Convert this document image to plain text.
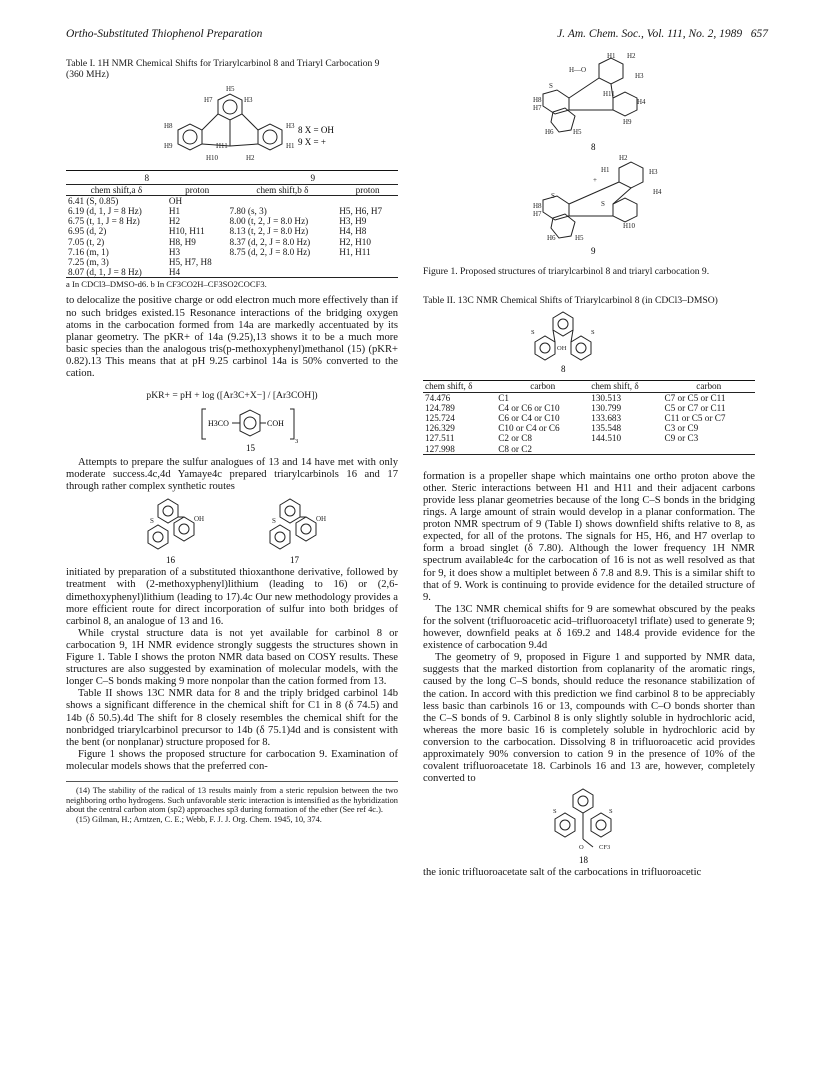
Ortho-Substituted Thiophenol Preparation	J. Am. Chem. Soc., Vol. 111, No. 2, 1989 657
Table I. 1H NMR Chemical Shifts for Triarylcarbinol 8 and Triaryl Carbocation 9 (360 MHz)
H5
H7	H3
H8
H9
H3
H1
H10	H2
H11
8 X = OH
9 X = +
8		9	
chem shift,a δ	proton	chem shift,b δ	proton
6.41 (S, 0.85)	OH		
6.19 (d, 1, J = 8 Hz)	H1	7.80 (s, 3)	H5, H6, H7
6.75 (t, 1, J = 8 Hz)	H2	8.00 (t, 2, J = 8.0 Hz)	H3, H9
6.95 (d, 2)	H10, H11	8.13 (t, 2, J = 8.0 Hz)	H4, H8
7.05 (t, 2)	H8, H9	8.37 (d, 2, J = 8.0 Hz)	H2, H10
7.16 (m, 1)	H3	8.75 (d, 2, J = 8.0 Hz)	H1, H11
7.25 (m, 3)	H5, H7, H8		
8.07 (d, 1, J = 8 Hz)	H4		
a In CDCl3–DMSO-d6. b In CF3CO2H–CF3SO2COCF3.

to delocalize the positive charge or odd electron much more effectively than if no such bridges existed.15 Resonance interactions of the bridging oxygen atoms in the carbocation formed from 14a are markedly accentuated by its planar geometry. The pKR+ of 14a (9.25),13 shows it to be a much more basic species than the analogous tris(p-methoxyphenyl)methanol (15) (pKR+ 0.82).13 This means that at pH 9.25 carbinol 14a is 50% converted to the cation.

pKR+ = pH + log ([Ar3C+X−] / [Ar3COH])
H3CO	COH
3
15

Attempts to prepare the sulfur analogues of 13 and 14 have met with only moderate success.4c,4d Yamaye4c prepared triarylcarbinols 16 and 17 through rather complex synthetic routes

S	OH	S	OH
16	17

initiated by preparation of a substituted thioxanthone derivative, followed by treatment with (2-methoxyphenyl)lithium (leading to 16) or (2,6-dimethoxyphenyl)lithium (leading to 17).4c Our new methodology provides a more efficient route for direct incorporation of sulfur into both bridges of carbinol 8, an analogue of 13 and 16.

While crystal structure data is not yet available for carbinol 8 or carbocation 9, 1H NMR evidence strongly suggests the structures shown in Figure 1. Table I shows the proton NMR data based on COSY results. These structures are also suggested by examination of molecular models, with the longer C–S bonds making 9 more nonpolar than the cation formed from 13.

Table II shows 13C NMR data for 8 and the triply bridged carbinol 14b shows a significant difference in the chemical shift for C1 in 8 (δ 74.5) and 14b (δ 50.5).4d The shift for 8 closely resembles the chemical shift for the nonbridged triarylcarbinol precursor to 14b (δ 75.1)4d and is consistent with the bent (or nonplanar) structure proposed for 8.

Figure 1 shows the proposed structure for carbocation 9. Examination of molecular models shows that the preferred con-

(14) The stability of the radical of 13 results mainly from a steric repulsion between the two neighboring ortho hydrogens. Such unfavorable steric interaction is intensified as the hybridization about the central carbon atom (sp2) approaches sp3 during formation of the ether (See ref 4c.).

(15) Gilman, H.; Arntzen, C. E.; Webb, F. J. J. Org. Chem. 1945, 10, 374.

H—O
H1 H2
H3
H4
S
H8
H7
H11
H6	H5
H9
H2
H1	H3
H4
S
+
H8
H7
S
H10
H6	H5
8
9
Figure 1. Proposed structures of triarylcarbinol 8 and triaryl carbocation 9.
Table II. 13C NMR Chemical Shifts of Triarylcarbinol 8 (in CDCl3–DMSO)
S	S
OH
8
chem shift, δ	carbon	chem shift, δ	carbon
74.476	C1	130.513	C7 or C5 or C11
124.789	C4 or C6 or C10	130.799	C5 or C7 or C11
125.724	C6 or C4 or C10	133.683	C11 or C5 or C7
126.329	C10 or C4 or C6	135.548	C3 or C9
127.511	C2 or C8	144.510	C9 or C3
127.998	C8 or C2		

formation is a propeller shape which maintains one ortho proton above the other. Steric interactions between H1 and H11 and their adjacent carbons provide less planar geometries because of the long C–S bonds in the bridging rings. A large amount of strain would develop in a planar conformation. The proton NMR spectrum of 9 (Table I) shows downfield shifts relative to 8, as expected, for all of the protons. The signals for H5, H6, and H7 overlap to form a broad singlet (δ 7.80). Although the lower frequency 1H NMR spectrum available4c for the carbocation of 16 is not as well resolved as that for 9, it does show a multiplet between δ 7.8 and 8.9. This is a similar shift to that of 9. Work is continuing to provide evidence for the detailed structure of 9.

The 13C NMR chemical shifts for 9 are somewhat obscured by the peaks for the solvent (trifluoroacetic acid–trifluoroacetyl triflate) used to generate 9; however, downfield peaks at δ 169.2 and 148.4 provide evidence for the existence of carbocation 9.4d

The geometry of 9, proposed in Figure 1 and supported by NMR data, suggests that the marked distortion from coplanarity of the aromatic rings, caused by the long C–S bonds, should reduce the resonance stabilization of the cation. In accord with this prediction we find carbinol 8 to be appreciably less basic than carbinols 16 or 13, compounds with C–O bonds shorter than the C–S bonds of 9. Carbinol 8 is only slightly soluble in hydrochloric acid, whereas the more basic 16 is completely soluble in hydrochloric acid by conversion to the carbocation. Dissolving 8 in trifluoroacetic acid provides approximately 90% conversion to cation 9 in the presence of 10% of the covalent trifluoroacetate 18. Carbinols 16 and 13 are, however, completely converted to

S	S
O CF3
18

the ionic trifluoroacetate salt of the carbocations in trifluoroacetic
